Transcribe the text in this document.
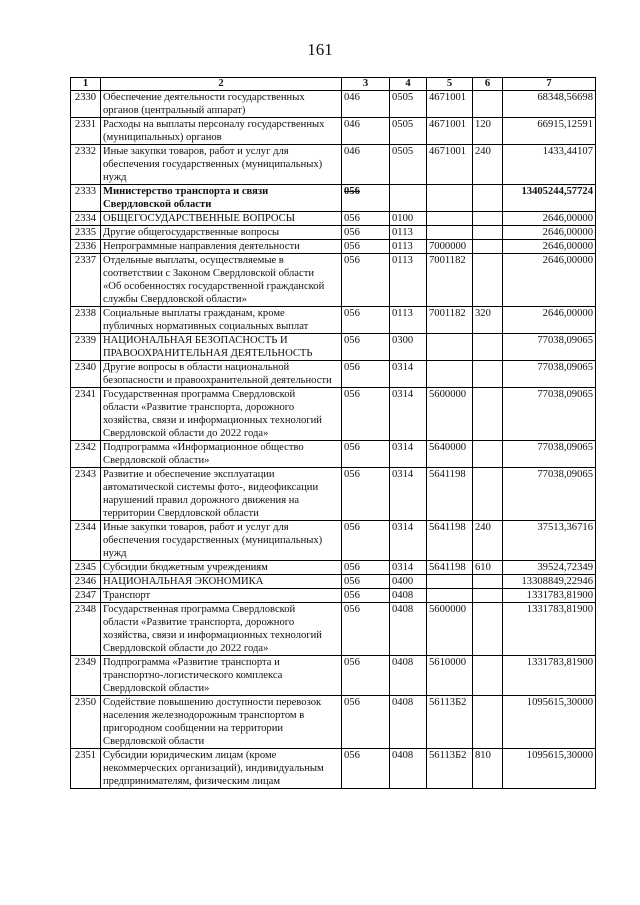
161
1	2	3	4	5	6	7
2330	Обеспечение деятельности государственных
органов (центральный аппарат)	046	0505	4671001		68348,56698
2331	Расходы на выплаты персоналу государственных
(муниципальных) органов	046	0505	4671001	120	66915,12591
2332	Иные закупки товаров, работ и услуг для
обеспечения государственных (муниципальных)
нужд	046	0505	4671001	240	1433,44107
2333	Министерство транспорта и связи
Свердловской области	056				13405244,57724
2334	ОБЩЕГОСУДАРСТВЕННЫЕ ВОПРОСЫ	056	0100			2646,00000
2335	Другие общегосударственные вопросы	056	0113			2646,00000
2336	Непрограммные направления деятельности	056	0113	7000000		2646,00000
2337	Отдельные выплаты, осуществляемые в
соответствии с Законом Свердловской области
«Об особенностях государственной гражданской
службы Свердловской области»	056	0113	7001182		2646,00000
2338	Социальные выплаты гражданам, кроме
публичных нормативных социальных выплат	056	0113	7001182	320	2646,00000
2339	НАЦИОНАЛЬНАЯ БЕЗОПАСНОСТЬ И
ПРАВООХРАНИТЕЛЬНАЯ ДЕЯТЕЛЬНОСТЬ	056	0300			77038,09065
2340	Другие вопросы в области национальной
безопасности и правоохранительной деятельности	056	0314			77038,09065
2341	Государственная программа Свердловской
области «Развитие транспорта, дорожного
хозяйства, связи и информационных технологий
Свердловской области до 2022 года»	056	0314	5600000		77038,09065
2342	Подпрограмма «Информационное общество
Свердловской области»	056	0314	5640000		77038,09065
2343	Развитие и обеспечение эксплуатации
автоматической системы фото-, видеофиксации
нарушений правил дорожного движения на
территории Свердловской области	056	0314	5641198		77038,09065
2344	Иные закупки товаров, работ и услуг для
обеспечения государственных (муниципальных)
нужд	056	0314	5641198	240	37513,36716
2345	Субсидии бюджетным учреждениям	056	0314	5641198	610	39524,72349
2346	НАЦИОНАЛЬНАЯ ЭКОНОМИКА	056	0400			13308849,22946
2347	Транспорт	056	0408			1331783,81900
2348	Государственная программа Свердловской
области «Развитие транспорта, дорожного
хозяйства, связи и информационных технологий
Свердловской области до 2022 года»	056	0408	5600000		1331783,81900
2349	Подпрограмма «Развитие транспорта и
транспортно-логистического комплекса
Свердловской области»	056	0408	5610000		1331783,81900
2350	Содействие повышению доступности перевозок
населения железнодорожным транспортом в
пригородном сообщении на территории
Свердловской области	056	0408	56113Б2		1095615,30000
2351	Субсидии юридическим лицам (кроме
некоммерческих организаций), индивидуальным
предпринимателям, физическим лицам	056	0408	56113Б2	810	1095615,30000
